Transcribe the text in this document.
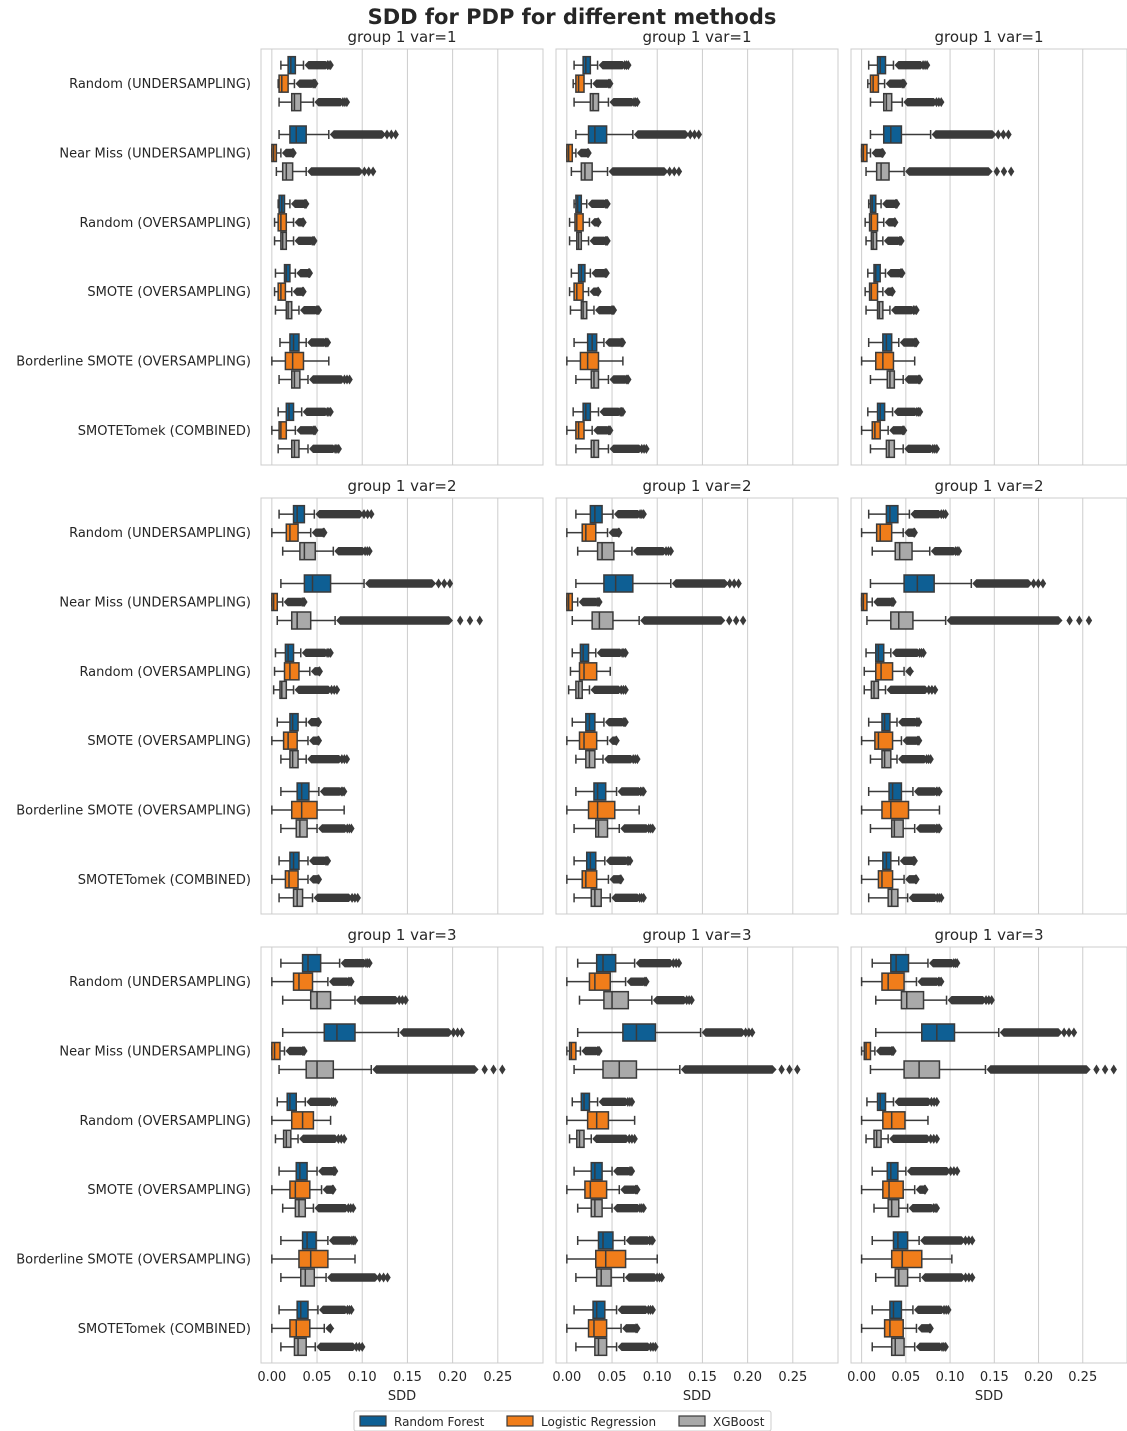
SDD for PDP for different methods
group 1 var=1
Random (UNDERSAMPLING)
Near Miss (UNDERSAMPLING)
Random (OVERSAMPLING)
SMOTE (OVERSAMPLING)
Borderline SMOTE (OVERSAMPLING)
SMOTETomek (COMBINED)
group 1 var=1	group 1 var=1
group 1 var=2
Random (UNDERSAMPLING)
Near Miss (UNDERSAMPLING)
Random (OVERSAMPLING)
SMOTE (OVERSAMPLING)
Borderline SMOTE (OVERSAMPLING)
SMOTETomek (COMBINED)
group 1 var=2	group 1 var=2
group 1 var=3
Random (UNDERSAMPLING)
Near Miss (UNDERSAMPLING)
Random (OVERSAMPLING)
SMOTE (OVERSAMPLING)
Borderline SMOTE (OVERSAMPLING)
SMOTETomek (COMBINED)
0.00 0.05 0.10 0.15 0.20 0.25
SDD
group 1 var=3
0.00 0.05 0.10 0.15 0.20 0.25
SDD
group 1 var=3
0.00 0.05 0.10 0.15 0.20 0.25
SDD
Random Forest	Logistic Regression	XGBoost
